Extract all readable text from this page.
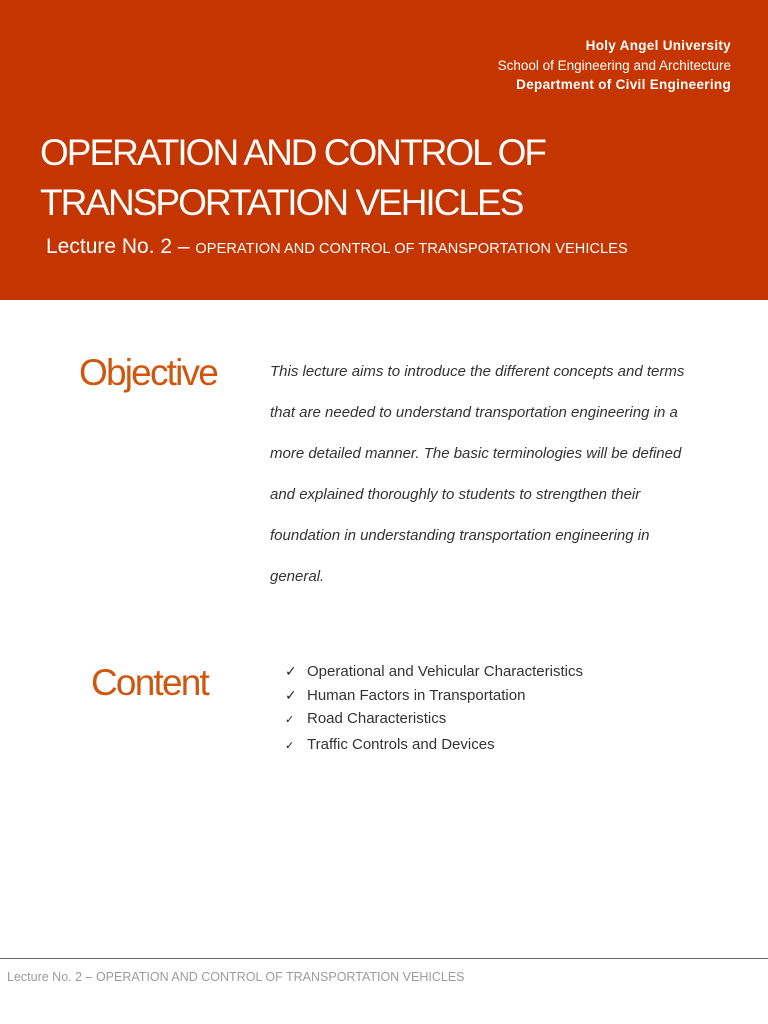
Holy Angel University
School of Engineering and Architecture
Department of Civil Engineering
OPERATION AND CONTROL OF
TRANSPORTATION VEHICLES
Lecture No. 2 – OPERATION AND CONTROL OF TRANSPORTATION VEHICLES
Objective	This lecture aims to introduce the different concepts and terms that are needed to understand transportation engineering in a more detailed manner. The basic terminologies will be defined and explained thoroughly to students to strengthen their foundation in understanding transportation engineering in general.

Content	✓ Operational and Vehicular Characteristics
✓ Human Factors in Transportation
✓ Road Characteristics
✓ Traffic Controls and Devices
Lecture No. 2 – OPERATION AND CONTROL OF TRANSPORTATION VEHICLES
